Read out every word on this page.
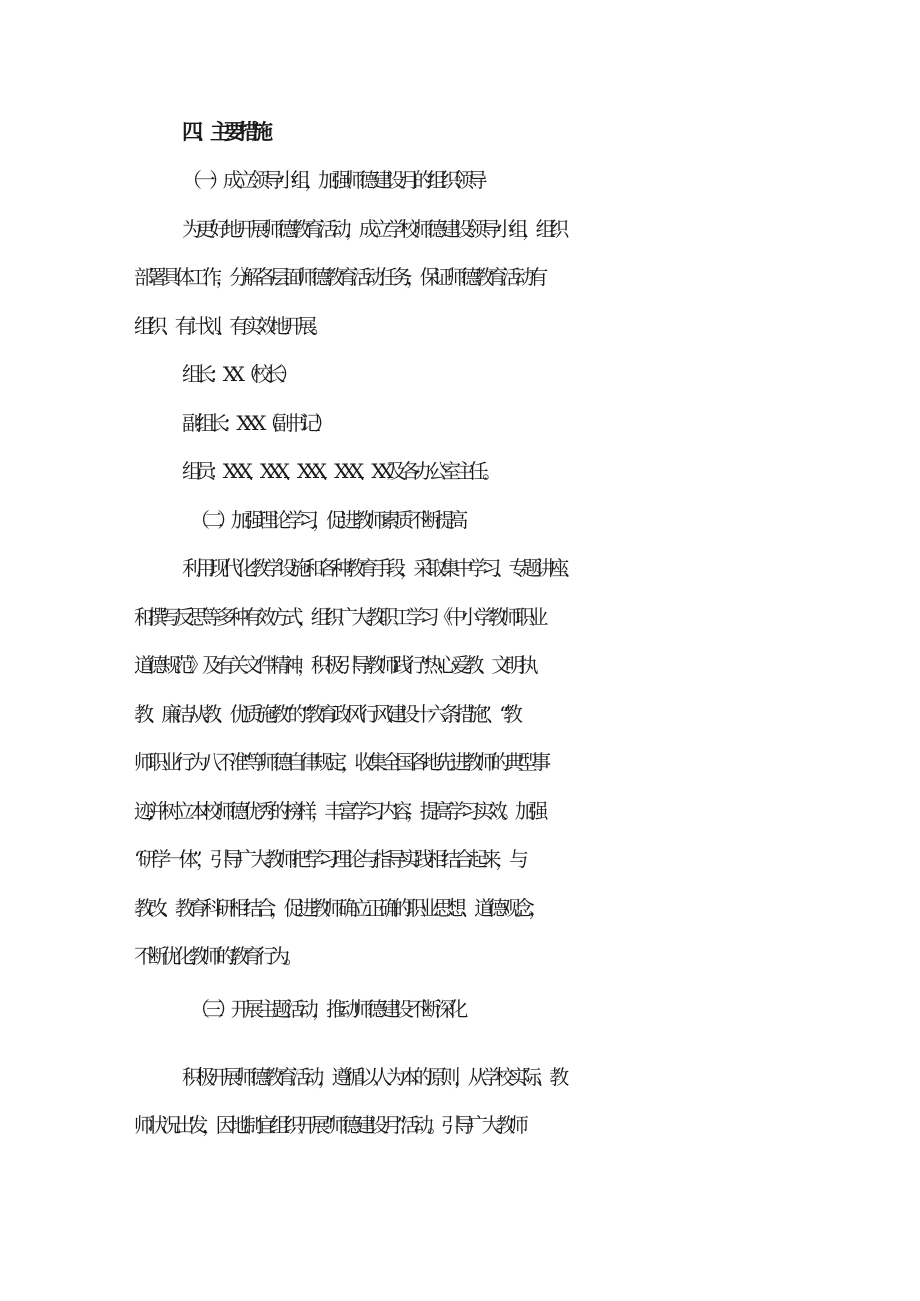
四、主要措施
（一）成立领导小组，加强师德建设月的组织领导
为更好地开展师德教育活动，成立学校师德建设领导小组，组织
部署具体工作，分解各层面师德教育活动任务，保证师德教育活动有
组织、有计划、有实效地开展。
组长：XX（校长）
副组长：XXX（副书记）
组员：XXX、XXX、XXX、XXX、XX 及各办公室主任。
（二）加强理论学习，促进教师素质不断提高
利用现代化教学设施和各种教育手段，采取集中学习、专题讲座、
和撰写反思等多种有效方式，组织广大教职工学习《中小学教师职业
道德规范》及有关文件精神，积极引导教师践行“热心爱教、文明执
教、廉洁从教、优质施教”的“教育政风行风建设十六条措施”、“教
师职业行为八不准"等师德自律规定，收集全国各地先进教师的典型事
迹,并树立本校师德优秀的榜样，丰富学习内容，提高学习实效。加强
“研学一体”，引导广大教师把学习理论与指导实践相结合起来，与
教改、教育科研相结合，促进教师确立正确的职业思想、道德观念，
不断优化教师的教育行为。
（三）开展主题活动，推动师德建设不断深化
积极开展师德教育活动，遵循以人为本的原则，从学校实际、教
师状况出发，因地制宜组织开展“师德建设月”活动。引导广大教师
